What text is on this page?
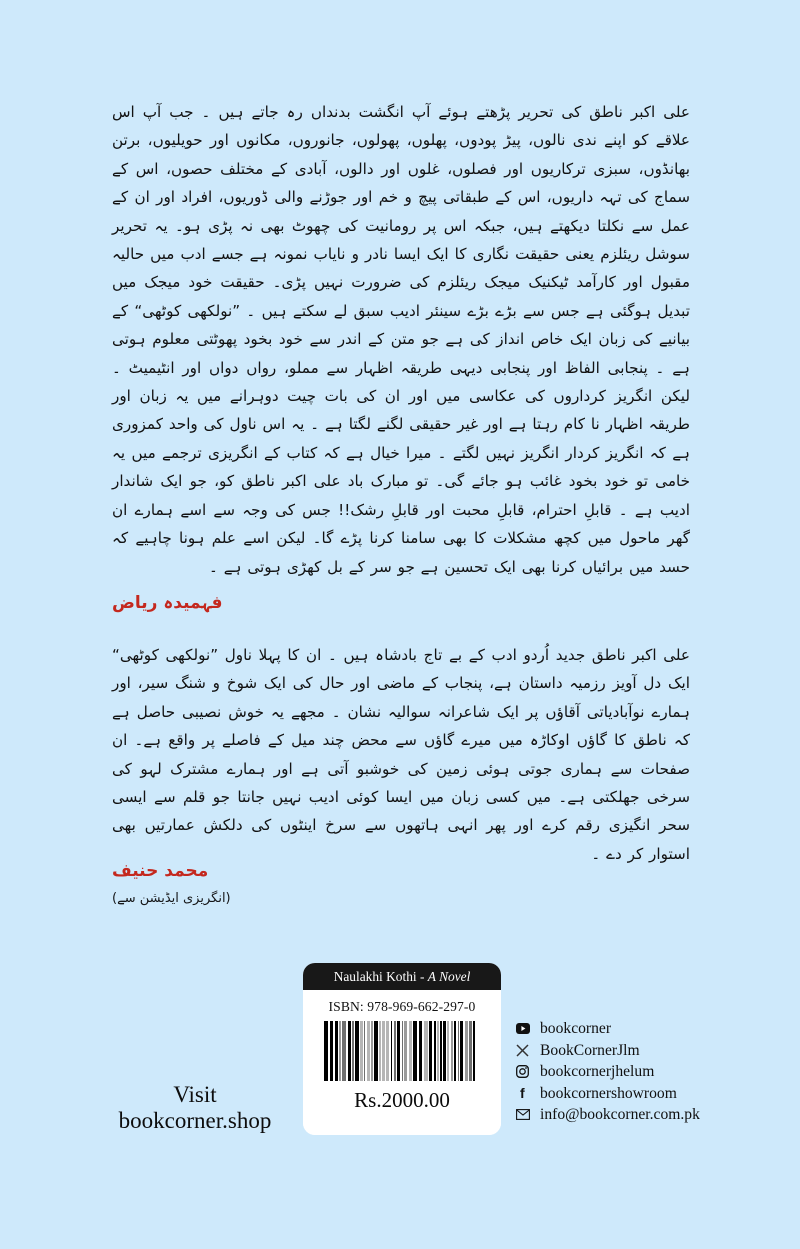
علی اکبر ناطق کی تحریر پڑھتے ہوئے آپ انگشت بدنداں رہ جاتے ہیں ۔ جب آپ اس علاقے کو اپنے ندی نالوں، پیڑ پودوں، پھلوں، پھولوں، جانوروں، مکانوں اور حویلیوں، برتن بھانڈوں، سبزی ترکاریوں اور فصلوں، غلوں اور دالوں، آبادی کے مختلف حصوں، اس کے سماج کی تہہ داریوں، اس کے طبقاتی پیچ و خم اور جوڑنے والی ڈوریوں، افراد اور ان کے عمل سے نکلتا دیکھتے ہیں، جبکہ اس پر رومانیت کی چھوٹ بھی نہ پڑی ہو۔ یہ تحریر سوشل ریئلزم یعنی حقیقت نگاری کا ایک ایسا نادر و نایاب نمونہ ہے جسے ادب میں حالیہ مقبول اور کارآمد ٹیکنیک میجک ریئلزم کی ضرورت نہیں پڑی۔ حقیقت خود میجک میں تبدیل ہوگئی ہے جس سے بڑے بڑے سینئر ادیب سبق لے سکتے ہیں ۔ ”نولکھی کوٹھی“ کے بیانیے کی زبان ایک خاص انداز کی ہے جو متن کے اندر سے خود بخود پھوٹتی معلوم ہوتی ہے ۔ پنجابی الفاظ اور پنجابی دیہی طریقہ اظہار سے مملو، رواں دواں اور انٹیمیٹ ۔ لیکن انگریز کرداروں کی عکاسی میں اور ان کی بات چیت دوہرانے میں یہ زبان اور طریقہ اظہار نا کام رہتا ہے اور غیر حقیقی لگنے لگتا ہے ۔ یہ اس ناول کی واحد کمزوری ہے کہ انگریز کردار انگریز نہیں لگتے ۔ میرا خیال ہے کہ کتاب کے انگریزی ترجمے میں یہ خامی تو خود بخود غائب ہو جائے گی۔ تو مبارک باد علی اکبر ناطق کو، جو ایک شاندار ادیب ہے ۔ قابلِ احترام، قابلِ محبت اور قابلِ رشک!! جس کی وجہ سے اسے ہمارے ان گھر ماحول میں کچھ مشکلات کا بھی سامنا کرنا پڑے گا۔ لیکن اسے علم ہونا چاہیے کہ حسد میں برائیاں کرنا بھی ایک تحسین ہے جو سر کے بل کھڑی ہوتی ہے ۔
فہمیدہ ریاض
علی اکبر ناطق جدید اُردو ادب کے بے تاج بادشاہ ہیں ۔ ان کا پہلا ناول ”نولکھی کوٹھی“ ایک دل آویز رزمیہ داستان ہے، پنجاب کے ماضی اور حال کی ایک شوخ و شنگ سیر، اور ہمارے نوآبادیاتی آقاؤں پر ایک شاعرانہ سوالیہ نشان ۔ مجھے یہ خوش نصیبی حاصل ہے کہ ناطق کا گاؤں اوکاڑہ میں میرے گاؤں سے محض چند میل کے فاصلے پر واقع ہے۔ ان صفحات سے ہماری جوتی ہوئی زمین کی خوشبو آتی ہے اور ہمارے مشترک لہو کی سرخی جھلکتی ہے۔ میں کسی زبان میں ایسا کوئی ادیب نہیں جانتا جو قلم سے ایسی سحر انگیزی رقم کرے اور پھر انہی ہاتھوں سے سرخ اینٹوں کی دلکش عمارتیں بھی استوار کر دے ۔
محمد حنیف
(انگریزی ایڈیشن سے)
Visit
bookcorner.shop
Naulakhi Kothi - A Novel
ISBN: 978-969-662-297-0
Rs.2000.00
bookcorner
BookCornerJlm
bookcornerjhelum
f bookcornershowroom
info@bookcorner.com.pk
